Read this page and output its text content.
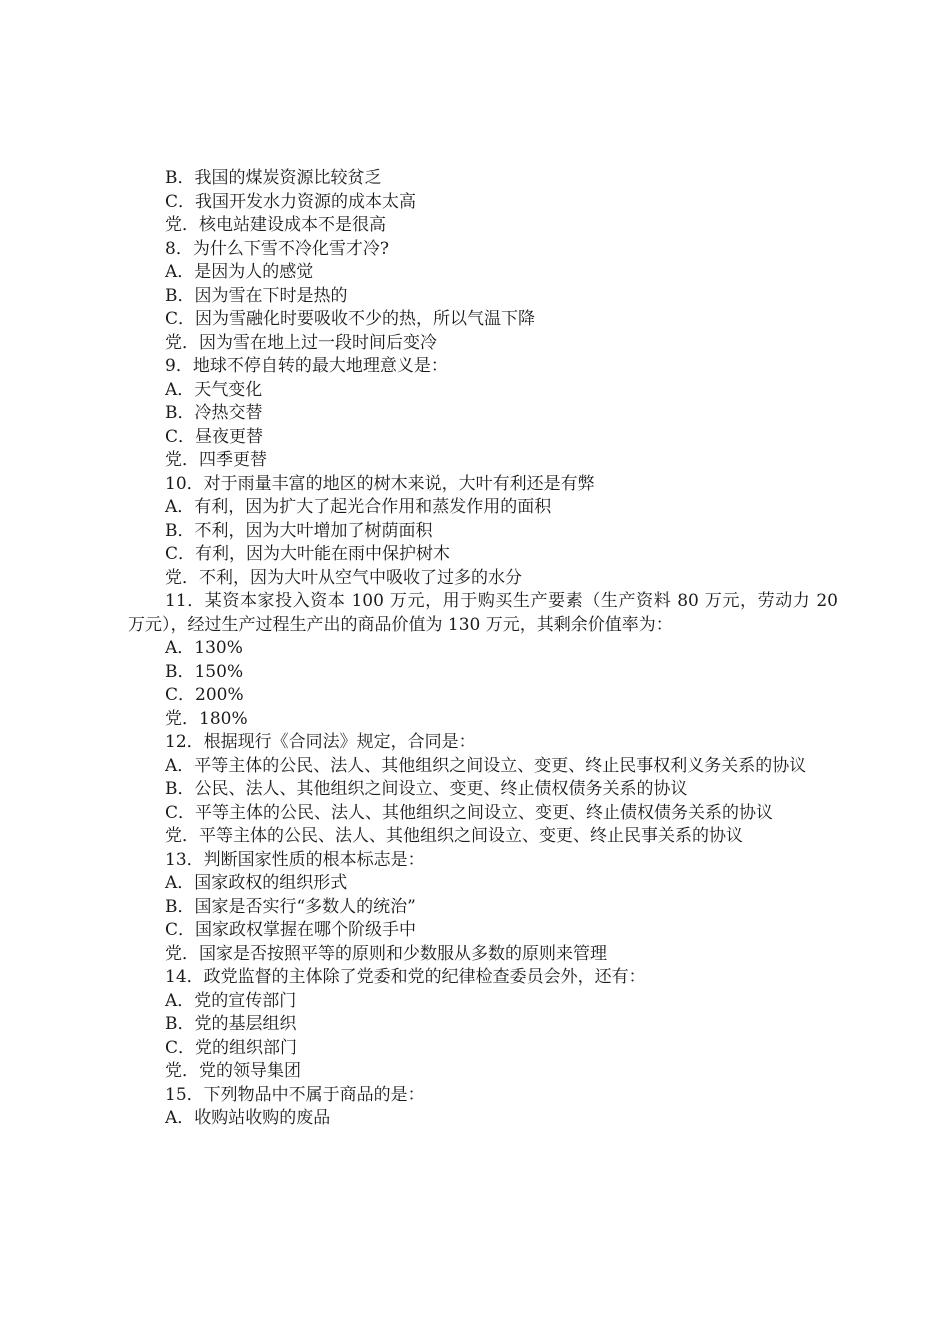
B．我国的煤炭资源比较贫乏

C．我国开发水力资源的成本太高

党．核电站建设成本不是很高

8．为什么下雪不冷化雪才冷?

A．是因为人的感觉

B．因为雪在下时是热的

C．因为雪融化时要吸收不少的热，所以气温下降

党．因为雪在地上过一段时间后变冷

9．地球不停自转的最大地理意义是：

A．天气变化

B．冷热交替

C．昼夜更替

党．四季更替

10．对于雨量丰富的地区的树木来说，大叶有利还是有弊

A．有利，因为扩大了起光合作用和蒸发作用的面积

B．不利，因为大叶增加了树荫面积

C．有利，因为大叶能在雨中保护树木

党．不利，因为大叶从空气中吸收了过多的水分

11．某资本家投入资本 100 万元，用于购买生产要素（生产资料 80 万元，劳动力 20 万元），经过生产过程生产出的商品价值为 130 万元，其剩余价值率为：

A．130%

B．150%

C．200%

党．180%

12．根据现行《合同法》规定，合同是：

A．平等主体的公民、法人、其他组织之间设立、变更、终止民事权利义务关系的协议

B．公民、法人、其他组织之间设立、变更、终止债权债务关系的协议

C．平等主体的公民、法人、其他组织之间设立、变更、终止债权债务关系的协议

党．平等主体的公民、法人、其他组织之间设立、变更、终止民事关系的协议

13．判断国家性质的根本标志是：

A．国家政权的组织形式

B．国家是否实行“多数人的统治”

C．国家政权掌握在哪个阶级手中

党．国家是否按照平等的原则和少数服从多数的原则来管理

14．政党监督的主体除了党委和党的纪律检查委员会外，还有：

A．党的宣传部门

B．党的基层组织

C．党的组织部门

党．党的领导集团

15．下列物品中不属于商品的是：

A．收购站收购的废品
